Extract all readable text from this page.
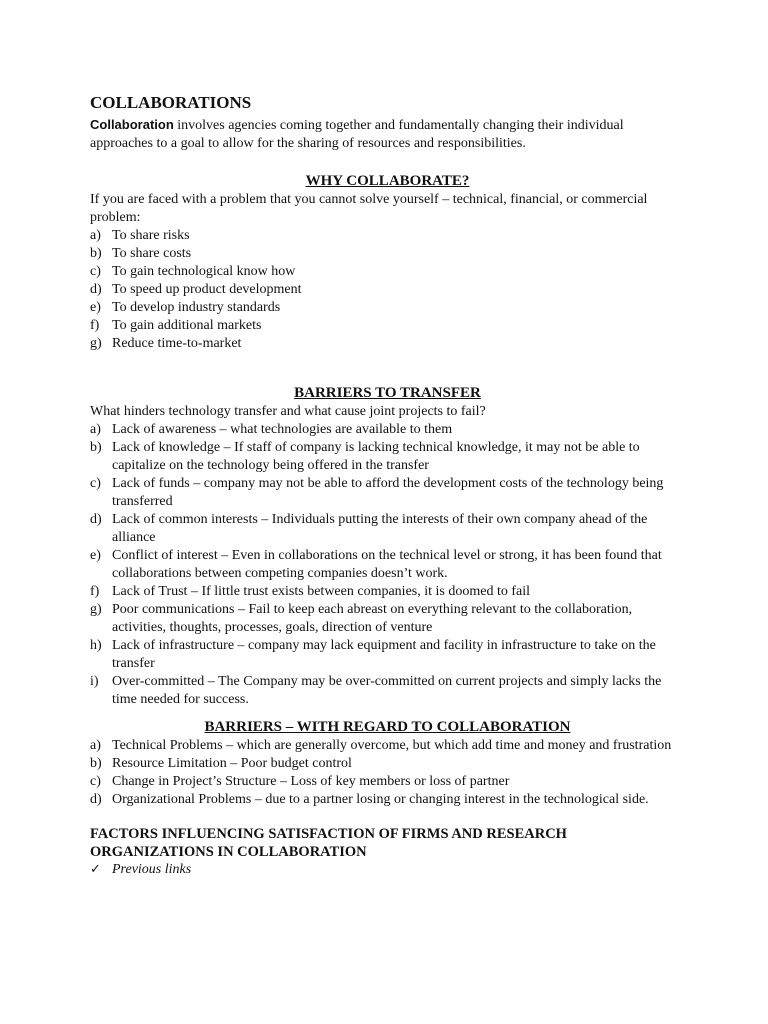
COLLABORATIONS

Collaboration involves agencies coming together and fundamentally changing their individual approaches to a goal to allow for the sharing of resources and responsibilities.

WHY COLLABORATE?

If you are faced with a problem that you cannot solve yourself – technical, financial, or commercial problem:

a) To share risks
b) To share costs
c) To gain technological know how
d) To speed up product development
e) To develop industry standards
f) To gain additional markets
g) Reduce time-to-market
BARRIERS TO TRANSFER

What hinders technology transfer and what cause joint projects to fail?

a) Lack of awareness – what technologies are available to them
b) Lack of knowledge – If staff of company is lacking technical knowledge, it may not be able to capitalize on the technology being offered in the transfer
c) Lack of funds – company may not be able to afford the development costs of the technology being transferred
d) Lack of common interests – Individuals putting the interests of their own company ahead of the alliance
e) Conflict of interest – Even in collaborations on the technical level or strong, it has been found that collaborations between competing companies doesn’t work.
f) Lack of Trust – If little trust exists between companies, it is doomed to fail
g) Poor communications – Fail to keep each abreast on everything relevant to the collaboration, activities, thoughts, processes, goals, direction of venture
h) Lack of infrastructure – company may lack equipment and facility in infrastructure to take on the transfer
i) Over-committed – The Company may be over-committed on current projects and simply lacks the time needed for success.
BARRIERS – WITH REGARD TO COLLABORATION
a) Technical Problems – which are generally overcome, but which add time and money and frustration
b) Resource Limitation – Poor budget control
c) Change in Project’s Structure – Loss of key members or loss of partner
d) Organizational Problems – due to a partner losing or changing interest in the technological side.
FACTORS INFLUENCING SATISFACTION OF FIRMS AND RESEARCH ORGANIZATIONS IN COLLABORATION
✓ Previous links
